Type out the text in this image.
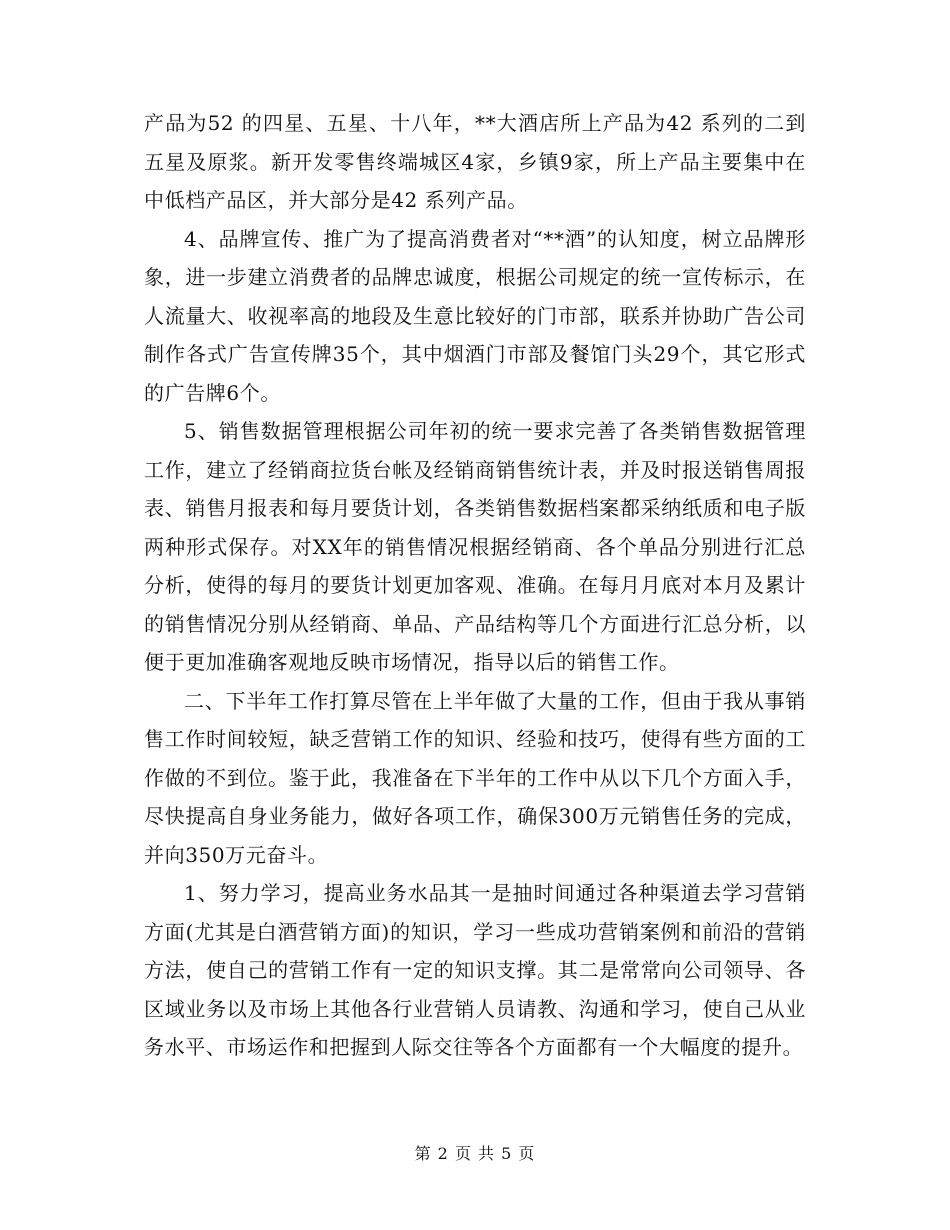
产品为52 的四星、五星、十八年，**大酒店所上产品为42 系列的二到五星及原浆。新开发零售终端城区4家，乡镇9家，所上产品主要集中在中低档产品区，并大部分是42 系列产品。

4、品牌宣传、推广为了提高消费者对“**酒”的认知度，树立品牌形象，进一步建立消费者的品牌忠诚度，根据公司规定的统一宣传标示，在人流量大、收视率高的地段及生意比较好的门市部，联系并协助广告公司制作各式广告宣传牌35个，其中烟酒门市部及餐馆门头29个，其它形式的广告牌6个。

5、销售数据管理根据公司年初的统一要求完善了各类销售数据管理工作，建立了经销商拉货台帐及经销商销售统计表，并及时报送销售周报表、销售月报表和每月要货计划，各类销售数据档案都采纳纸质和电子版两种形式保存。对XX年的销售情况根据经销商、各个单品分别进行汇总分析，使得的每月的要货计划更加客观、准确。在每月月底对本月及累计的销售情况分别从经销商、单品、产品结构等几个方面进行汇总分析，以便于更加准确客观地反映市场情况，指导以后的销售工作。

二、下半年工作打算尽管在上半年做了大量的工作，但由于我从事销售工作时间较短，缺乏营销工作的知识、经验和技巧，使得有些方面的工作做的不到位。鉴于此，我准备在下半年的工作中从以下几个方面入手，尽快提高自身业务能力，做好各项工作，确保300万元销售任务的完成，并向350万元奋斗。

1、努力学习，提高业务水品其一是抽时间通过各种渠道去学习营销方面(尤其是白酒营销方面)的知识，学习一些成功营销案例和前沿的营销方法，使自己的营销工作有一定的知识支撑。其二是常常向公司领导、各区域业务以及市场上其他各行业营销人员请教、沟通和学习，使自己从业务水平、市场运作和把握到人际交往等各个方面都有一个大幅度的提升。

第 2 页 共 5 页
